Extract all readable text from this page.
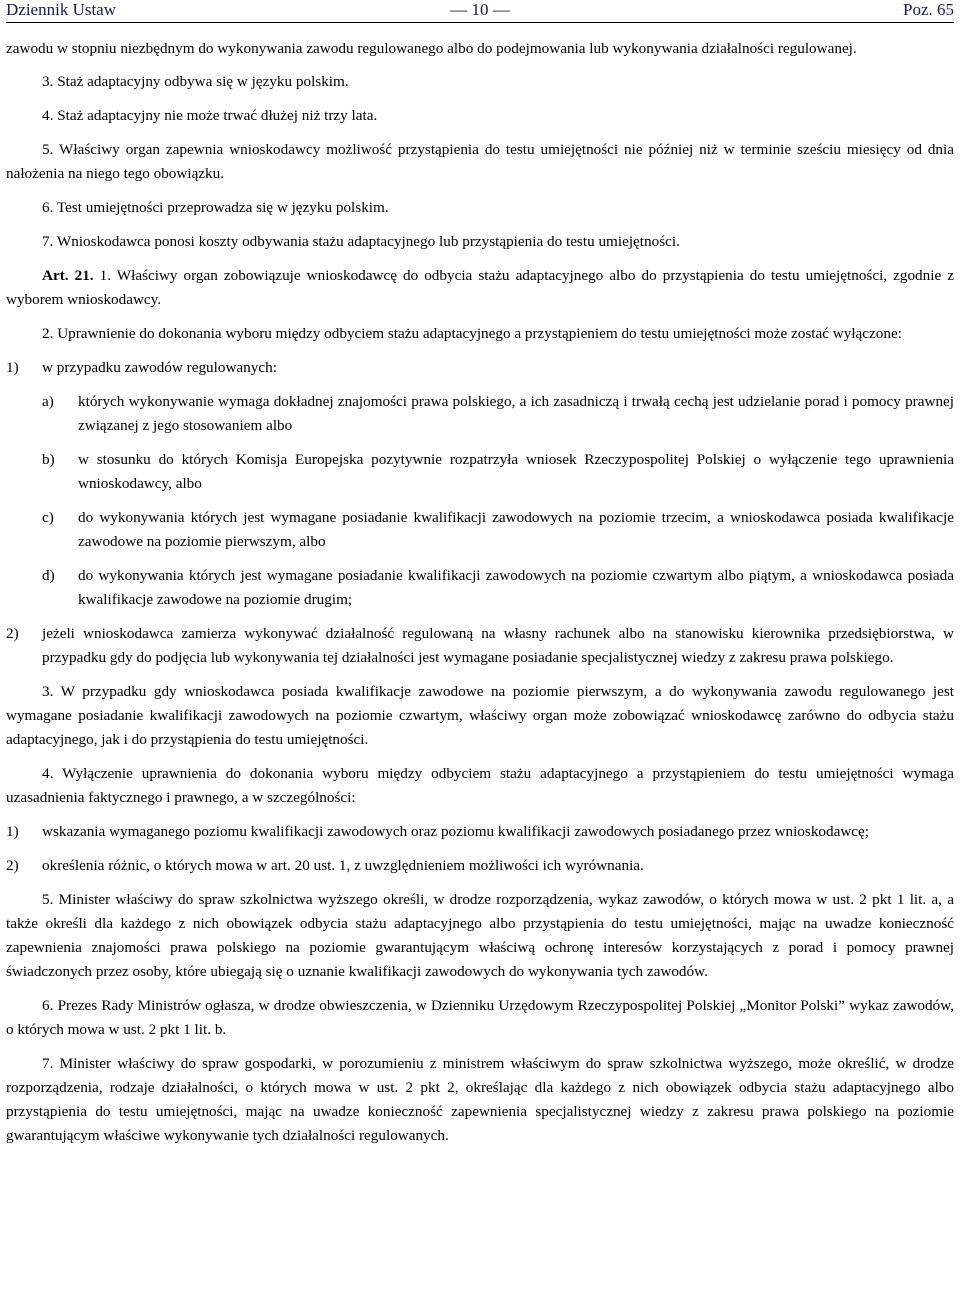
Dziennik Ustaw	— 10 —	Poz. 65

zawodu w stopniu niezbędnym do wykonywania zawodu regulowanego albo do podejmowania lub wykonywania działalności regulowanej.

3. Staż adaptacyjny odbywa się w języku polskim.

4. Staż adaptacyjny nie może trwać dłużej niż trzy lata.

5. Właściwy organ zapewnia wnioskodawcy możliwość przystąpienia do testu umiejętności nie później niż w terminie sześciu miesięcy od dnia nałożenia na niego tego obowiązku.

6. Test umiejętności przeprowadza się w języku polskim.

7. Wnioskodawca ponosi koszty odbywania stażu adaptacyjnego lub przystąpienia do testu umiejętności.

Art. 21. 1. Właściwy organ zobowiązuje wnioskodawcę do odbycia stażu adaptacyjnego albo do przystąpienia do testu umiejętności, zgodnie z wyborem wnioskodawcy.

2. Uprawnienie do dokonania wyboru między odbyciem stażu adaptacyjnego a przystąpieniem do testu umiejętności może zostać wyłączone:

1) w przypadku zawodów regulowanych:
a) których wykonywanie wymaga dokładnej znajomości prawa polskiego, a ich zasadniczą i trwałą cechą jest udzielanie porad i pomocy prawnej związanej z jego stosowaniem albo
b) w stosunku do których Komisja Europejska pozytywnie rozpatrzyła wniosek Rzeczypospolitej Polskiej o wyłączenie tego uprawnienia wnioskodawcy, albo
c) do wykonywania których jest wymagane posiadanie kwalifikacji zawodowych na poziomie trzecim, a wnioskodawca posiada kwalifikacje zawodowe na poziomie pierwszym, albo
d) do wykonywania których jest wymagane posiadanie kwalifikacji zawodowych na poziomie czwartym albo piątym, a wnioskodawca posiada kwalifikacje zawodowe na poziomie drugim;
2) jeżeli wnioskodawca zamierza wykonywać działalność regulowaną na własny rachunek albo na stanowisku kierownika przedsiębiorstwa, w przypadku gdy do podjęcia lub wykonywania tej działalności jest wymagane posiadanie specjalistycznej wiedzy z zakresu prawa polskiego.

3. W przypadku gdy wnioskodawca posiada kwalifikacje zawodowe na poziomie pierwszym, a do wykonywania zawodu regulowanego jest wymagane posiadanie kwalifikacji zawodowych na poziomie czwartym, właściwy organ może zobowiązać wnioskodawcę zarówno do odbycia stażu adaptacyjnego, jak i do przystąpienia do testu umiejętności.

4. Wyłączenie uprawnienia do dokonania wyboru między odbyciem stażu adaptacyjnego a przystąpieniem do testu umiejętności wymaga uzasadnienia faktycznego i prawnego, a w szczególności:

1) wskazania wymaganego poziomu kwalifikacji zawodowych oraz poziomu kwalifikacji zawodowych posiadanego przez wnioskodawcę;
2) określenia różnic, o których mowa w art. 20 ust. 1, z uwzględnieniem możliwości ich wyrównania.

5. Minister właściwy do spraw szkolnictwa wyższego określi, w drodze rozporządzenia, wykaz zawodów, o których mowa w ust. 2 pkt 1 lit. a, a także określi dla każdego z nich obowiązek odbycia stażu adaptacyjnego albo przystąpienia do testu umiejętności, mając na uwadze konieczność zapewnienia znajomości prawa polskiego na poziomie gwarantującym właściwą ochronę interesów korzystających z porad i pomocy prawnej świadczonych przez osoby, które ubiegają się o uznanie kwalifikacji zawodowych do wykonywania tych zawodów.

6. Prezes Rady Ministrów ogłasza, w drodze obwieszczenia, w Dzienniku Urzędowym Rzeczypospolitej Polskiej „Monitor Polski” wykaz zawodów, o których mowa w ust. 2 pkt 1 lit. b.

7. Minister właściwy do spraw gospodarki, w porozumieniu z ministrem właściwym do spraw szkolnictwa wyższego, może określić, w drodze rozporządzenia, rodzaje działalności, o których mowa w ust. 2 pkt 2, określając dla każdego z nich obowiązek odbycia stażu adaptacyjnego albo przystąpienia do testu umiejętności, mając na uwadze konieczność zapewnienia specjalistycznej wiedzy z zakresu prawa polskiego na poziomie gwarantującym właściwe wykonywanie tych działalności regulowanych.
